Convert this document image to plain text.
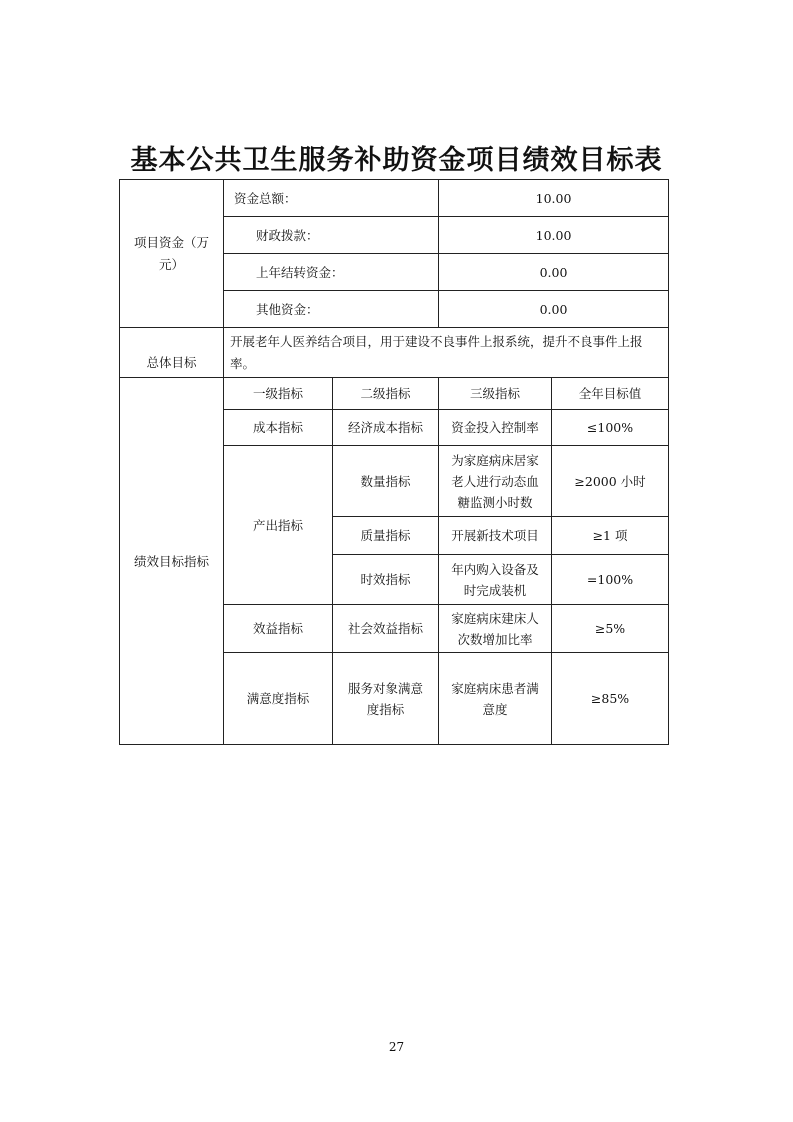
基本公共卫生服务补助资金项目绩效目标表
项目资金（万元）	资金总额：		10.00	
	财政拨款：		10.00	
	上年结转资金：		0.00	
	其他资金：		0.00	
总体目标	开展老年人医养结合项目，用于建设不良事件上报系统，提升不良事件上报率。			
绩效目标指标	一级指标	二级指标	三级指标	全年目标值
	成本指标	经济成本指标	资金投入控制率	≤100%
	产出指标	数量指标	为家庭病床居家老人进行动态血糖监测小时数	≥2000 小时
		质量指标	开展新技术项目	≥1 项
		时效指标	年内购入设备及时完成装机	=100%
	效益指标	社会效益指标	家庭病床建床人次数增加比率	≥5%
	满意度指标	服务对象满意度指标	家庭病床患者满意度	≥85%
27
